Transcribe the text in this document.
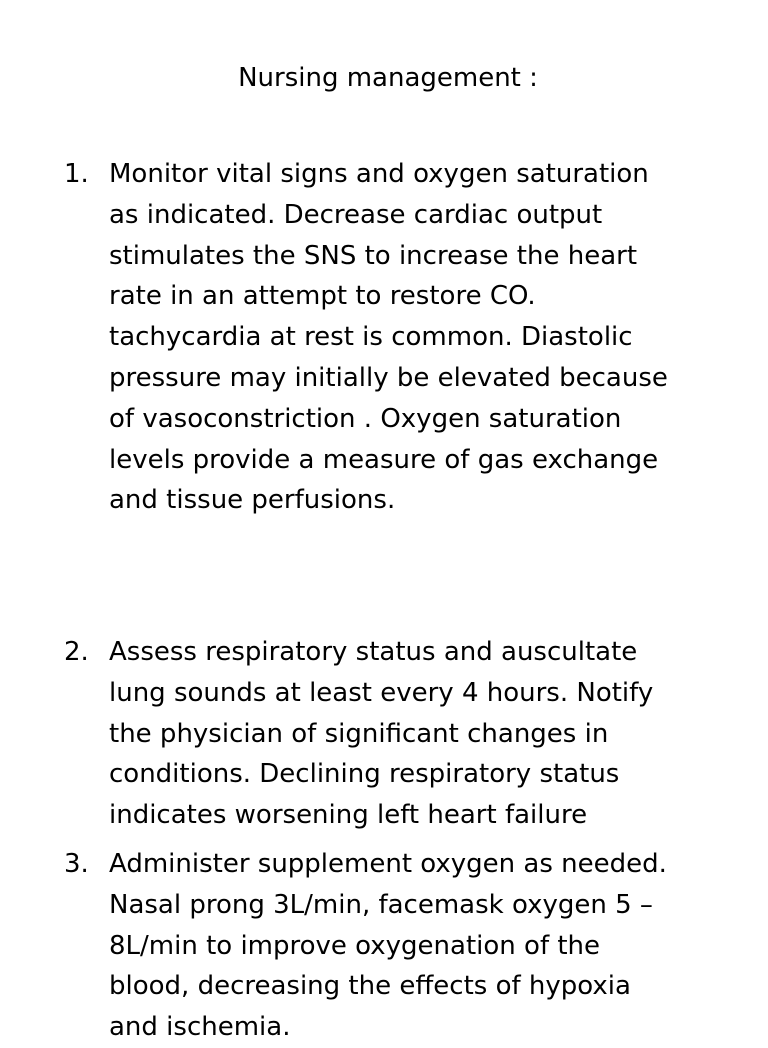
Nursing management :
1. Monitor vital signs and oxygen saturation
as indicated. Decrease cardiac output
stimulates the SNS to increase the heart
rate in an attempt to restore CO.
tachycardia at rest is common. Diastolic
pressure may initially be elevated because
of vasoconstriction . Oxygen saturation
levels provide a measure of gas exchange
and tissue perfusions.
2. Assess respiratory status and auscultate
lung sounds at least every 4 hours. Notify
the physician of significant changes in
conditions. Declining respiratory status
indicates worsening left heart failure
3. Administer supplement oxygen as needed.
Nasal prong 3L/min, facemask oxygen 5 –
8L/min to improve oxygenation of the
blood, decreasing the effects of hypoxia
and ischemia.
